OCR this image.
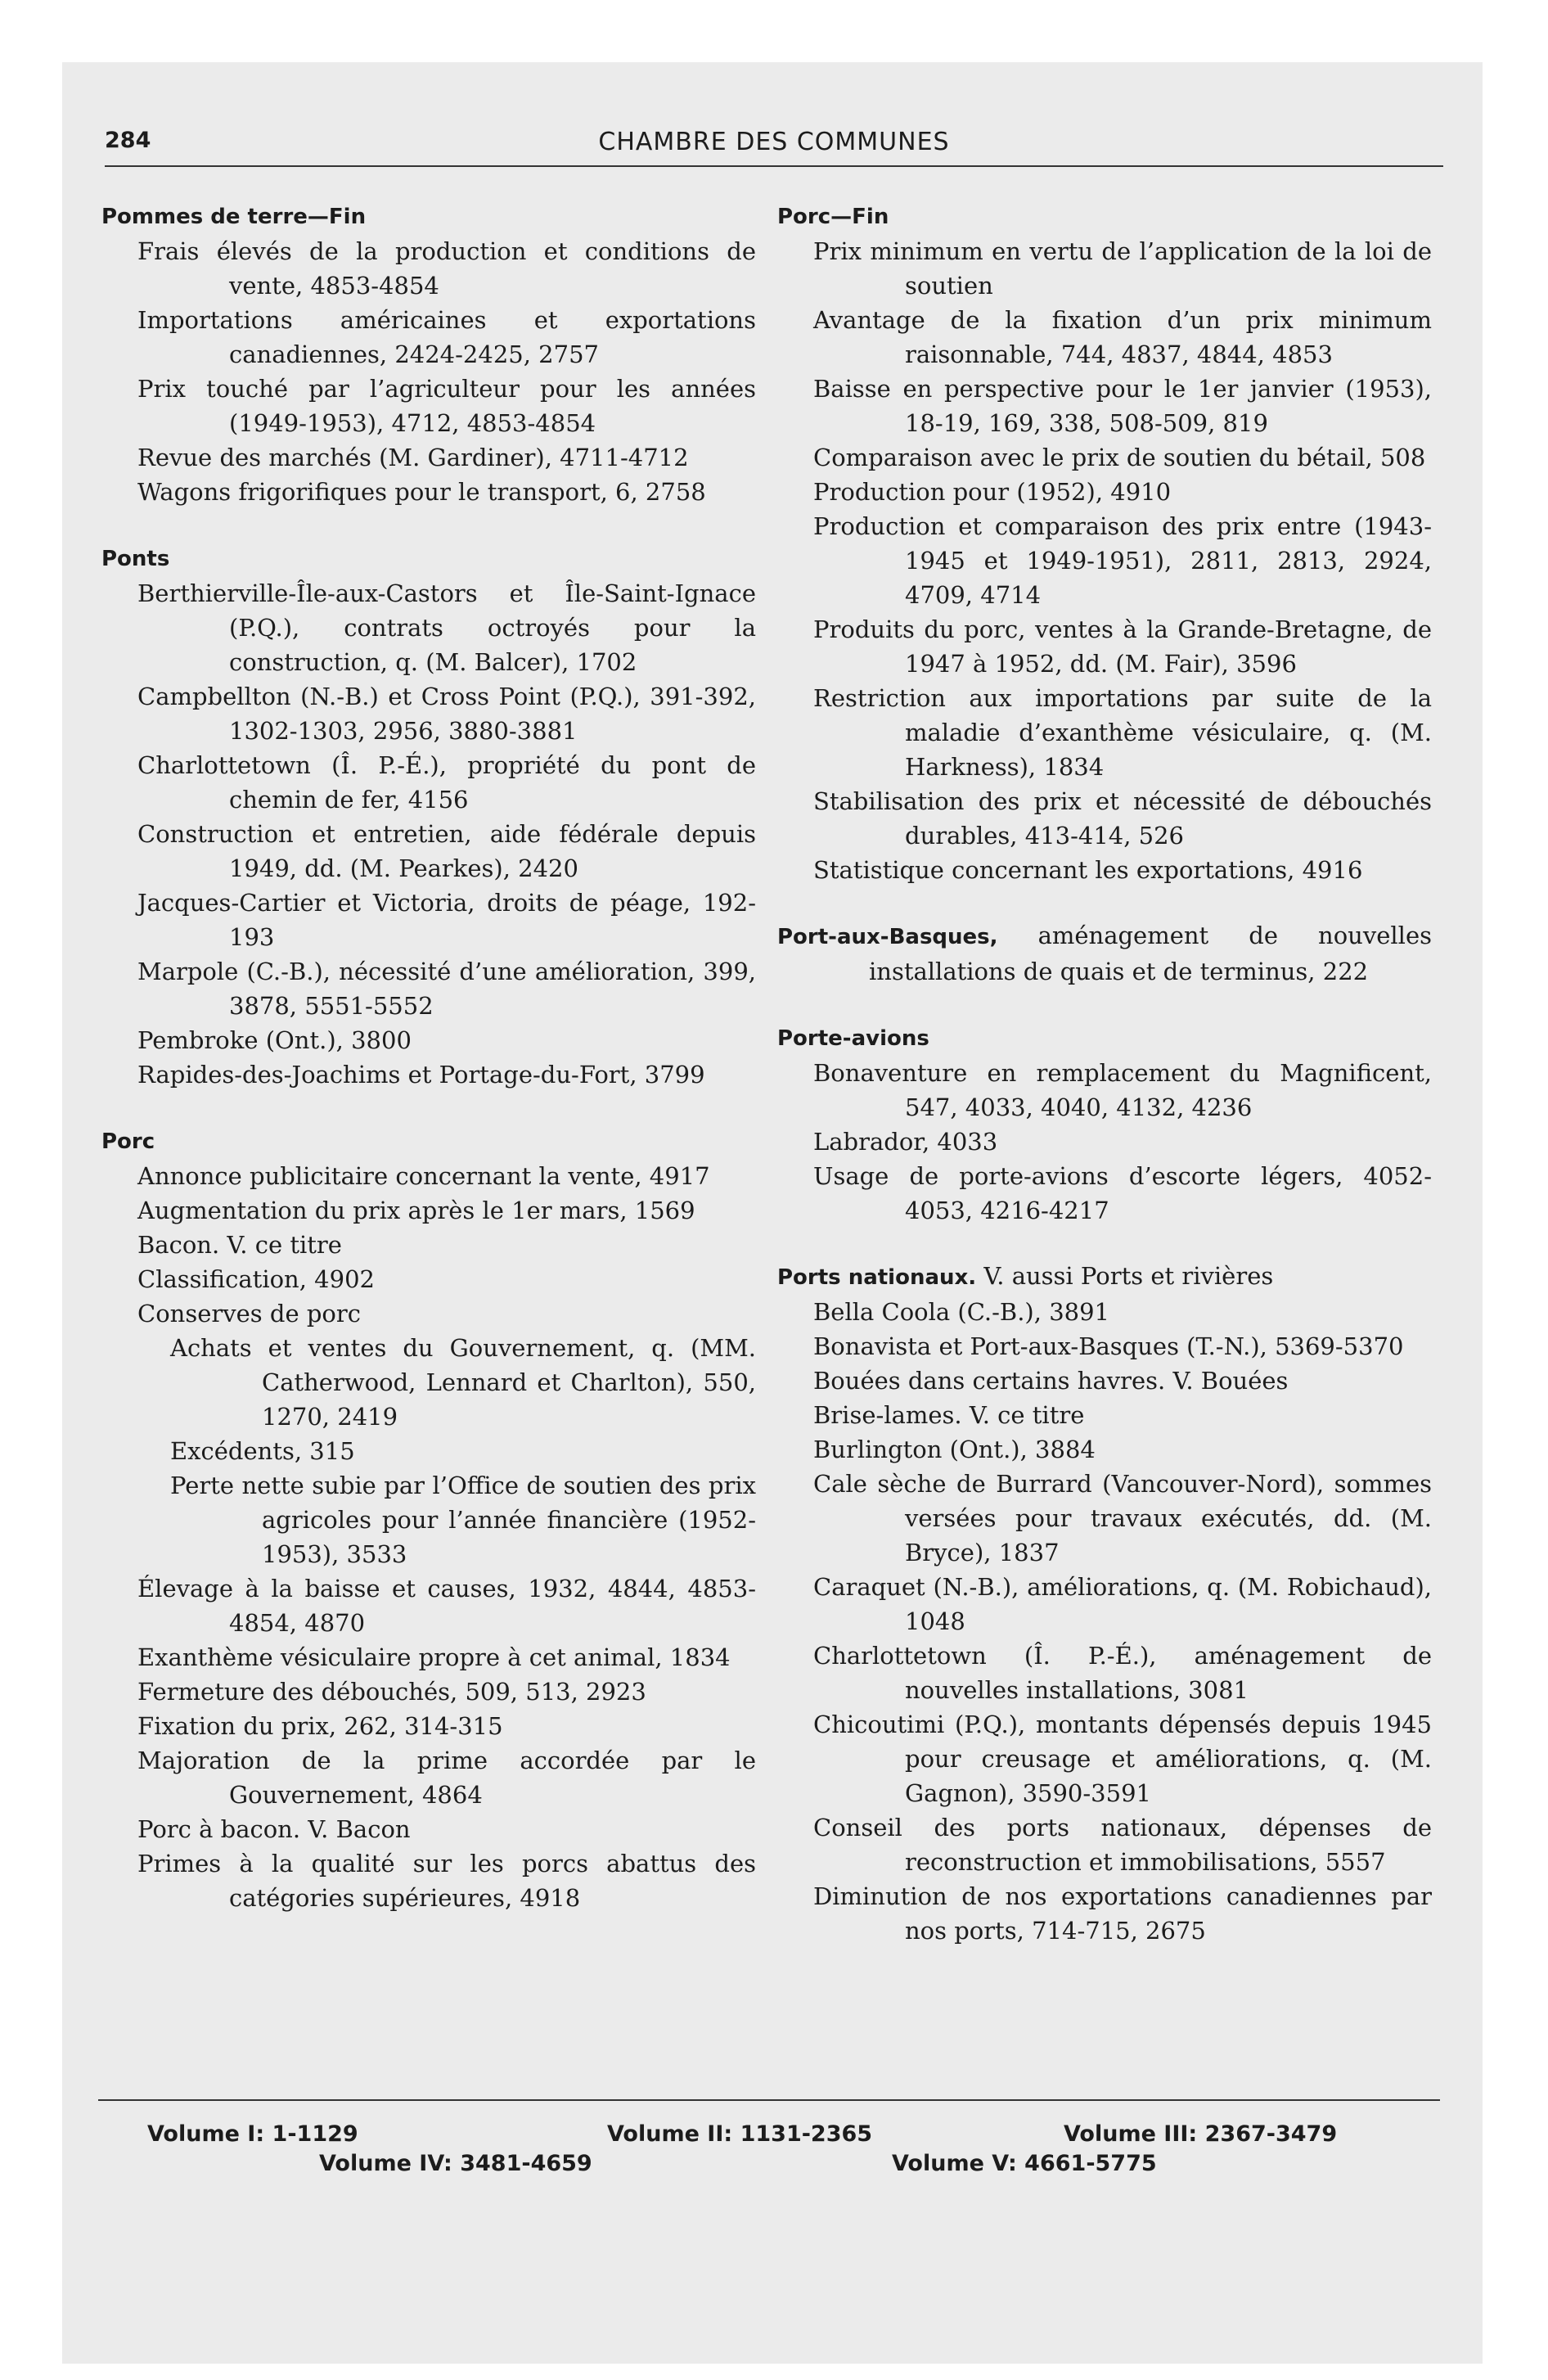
284	CHAMBRE DES COMMUNES
Pommes de terre—Fin
Frais élevés de la production et conditions de vente, 4853-4854
Importations américaines et exportations canadiennes, 2424-2425, 2757
Prix touché par l’agriculteur pour les années (1949-1953), 4712, 4853-4854
Revue des marchés (M. Gardiner), 4711-4712
Wagons frigorifiques pour le transport, 6, 2758
Ponts
Berthierville-Île-aux-Castors et Île-Saint-Ignace (P.Q.), contrats octroyés pour la construction, q. (M. Balcer), 1702
Campbellton (N.-B.) et Cross Point (P.Q.), 391-392, 1302-1303, 2956, 3880-3881
Charlottetown (Î. P.-É.), propriété du pont de chemin de fer, 4156
Construction et entretien, aide fédérale depuis 1949, dd. (M. Pearkes), 2420
Jacques-Cartier et Victoria, droits de péage, 192-193
Marpole (C.-B.), nécessité d’une amélioration, 399, 3878, 5551-5552
Pembroke (Ont.), 3800
Rapides-des-Joachims et Portage-du-Fort, 3799
Porc
Annonce publicitaire concernant la vente, 4917
Augmentation du prix après le 1er mars, 1569
Bacon. V. ce titre
Classification, 4902
Conserves de porc
Achats et ventes du Gouvernement, q. (MM. Catherwood, Lennard et Charlton), 550, 1270, 2419
Excédents, 315
Perte nette subie par l’Office de soutien des prix agricoles pour l’année financière (1952-1953), 3533
Élevage à la baisse et causes, 1932, 4844, 4853-4854, 4870
Exanthème vésiculaire propre à cet animal, 1834
Fermeture des débouchés, 509, 513, 2923
Fixation du prix, 262, 314-315
Majoration de la prime accordée par le Gouvernement, 4864
Porc à bacon. V. Bacon
Primes à la qualité sur les porcs abattus des catégories supérieures, 4918
Porc—Fin
Prix minimum en vertu de l’application de la loi de soutien
Avantage de la fixation d’un prix minimum raisonnable, 744, 4837, 4844, 4853
Baisse en perspective pour le 1er janvier (1953), 18-19, 169, 338, 508-509, 819
Comparaison avec le prix de soutien du bétail, 508
Production pour (1952), 4910
Production et comparaison des prix entre (1943-1945 et 1949-1951), 2811, 2813, 2924, 4709, 4714
Produits du porc, ventes à la Grande-Bretagne, de 1947 à 1952, dd. (M. Fair), 3596
Restriction aux importations par suite de la maladie d’exanthème vésiculaire, q. (M. Harkness), 1834
Stabilisation des prix et nécessité de débouchés durables, 413-414, 526
Statistique concernant les exportations, 4916
Port-aux-Basques, aménagement de nouvelles installations de quais et de terminus, 222
Porte-avions
Bonaventure en remplacement du Magnificent, 547, 4033, 4040, 4132, 4236
Labrador, 4033
Usage de porte-avions d’escorte légers, 4052-4053, 4216-4217
Ports nationaux. V. aussi Ports et rivières
Bella Coola (C.-B.), 3891
Bonavista et Port-aux-Basques (T.-N.), 5369-5370
Bouées dans certains havres. V. Bouées
Brise-lames. V. ce titre
Burlington (Ont.), 3884
Cale sèche de Burrard (Vancouver-Nord), sommes versées pour travaux exécutés, dd. (M. Bryce), 1837
Caraquet (N.-B.), améliorations, q. (M. Robichaud), 1048
Charlottetown (Î. P.-É.), aménagement de nouvelles installations, 3081
Chicoutimi (P.Q.), montants dépensés depuis 1945 pour creusage et améliorations, q. (M. Gagnon), 3590-3591
Conseil des ports nationaux, dépenses de reconstruction et immobilisations, 5557
Diminution de nos exportations canadiennes par nos ports, 714-715, 2675
Volume I: 1-1129	Volume II: 1131-2365	Volume III: 2367-3479
Volume IV: 3481-4659	Volume V: 4661-5775
